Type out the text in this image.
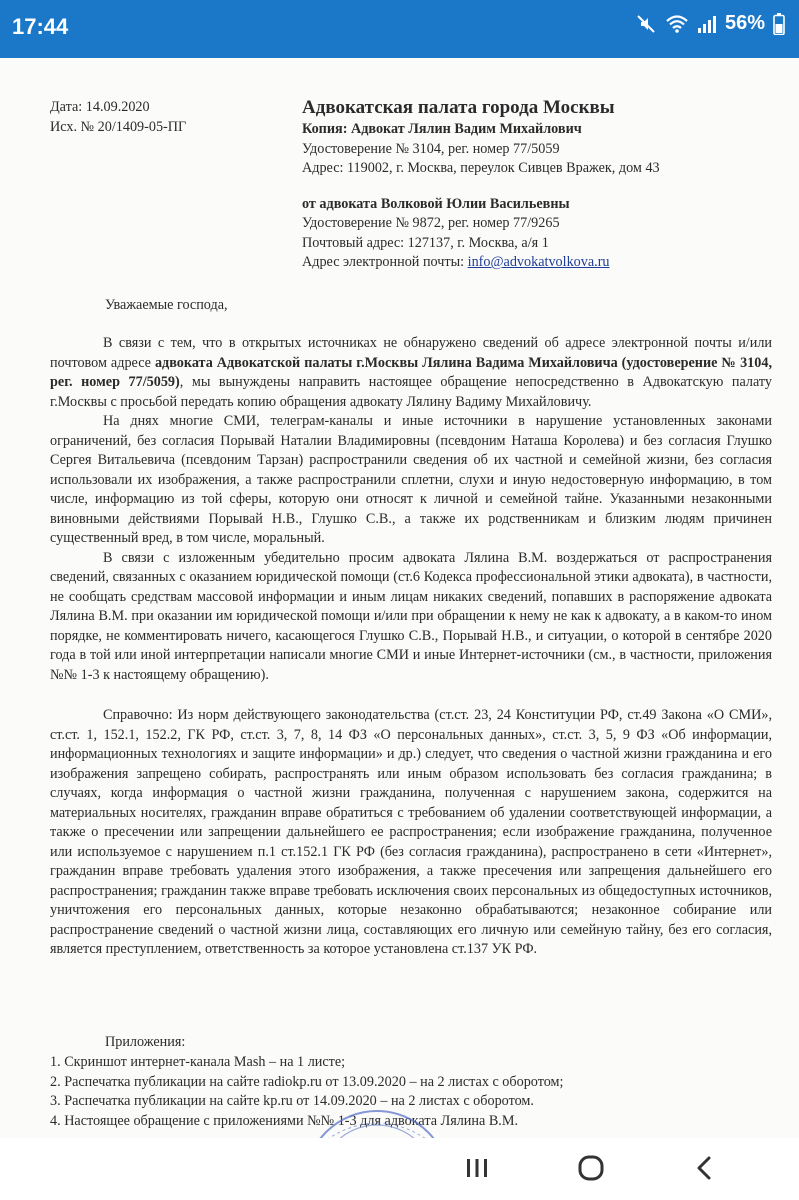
17:44	56%
Дата: 14.09.2020
Исх. № 20/1409-05-ПГ
Адвокатская палата города Москвы
Копия: Адвокат Лялин Вадим Михайлович
Удостоверение № 3104, рег. номер 77/5059
Адрес: 119002, г. Москва, переулок Сивцев Вражек, дом 43
от адвоката Волковой Юлии Васильевны
Удостоверение № 9872, рег. номер 77/9265
Почтовый адрес: 127137, г. Москва, а/я 1
Адрес электронной почты: info@advokatvolkova.ru
Уважаемые господа,

В связи с тем, что в открытых источниках не обнаружено сведений об адресе электронной почты и/или почтовом адресе адвоката Адвокатской палаты г.Москвы Лялина Вадима Михайловича (удостоверение № 3104, рег. номер 77/5059), мы вынуждены направить настоящее обращение непосредственно в Адвокатскую палату г.Москвы с просьбой передать копию обращения адвокату Лялину Вадиму Михайловичу.

На днях многие СМИ, телеграм-каналы и иные источники в нарушение установленных законами ограничений, без согласия Порывай Наталии Владимировны (псевдоним Наташа Королева) и без согласия Глушко Сергея Витальевича (псевдоним Тарзан) распространили сведения об их частной и семейной жизни, без согласия использовали их изображения, а также распространили сплетни, слухи и иную недостоверную информацию, в том числе, информацию из той сферы, которую они относят к личной и семейной тайне. Указанными незаконными виновными действиями Порывай Н.В., Глушко С.В., а также их родственникам и близким людям причинен существенный вред, в том числе, моральный.

В связи с изложенным убедительно просим адвоката Лялина В.М. воздержаться от распространения сведений, связанных с оказанием юридической помощи (ст.6 Кодекса профессиональной этики адвоката), в частности, не сообщать средствам массовой информации и иным лицам никаких сведений, попавших в распоряжение адвоката Лялина В.М. при оказании им юридической помощи и/или при обращении к нему не как к адвокату, а в каком-то ином порядке, не комментировать ничего, касающегося Глушко С.В., Порывай Н.В., и ситуации, о которой в сентябре 2020 года в той или иной интерпретации написали многие СМИ и иные Интернет-источники (см., в частности, приложения №№ 1-3 к настоящему обращению).

Справочно: Из норм действующего законодательства (ст.ст. 23, 24 Конституции РФ, ст.49 Закона «О СМИ», ст.ст. 1, 152.1, 152.2, ГК РФ, ст.ст. 3, 7, 8, 14 ФЗ «О персональных данных», ст.ст. 3, 5, 9 ФЗ «Об информации, информационных технологиях и защите информации» и др.) следует, что сведения о частной жизни гражданина и его изображения запрещено собирать, распространять или иным образом использовать без согласия гражданина; в случаях, когда информация о частной жизни гражданина, полученная с нарушением закона, содержится на материальных носителях, гражданин вправе обратиться с требованием об удалении соответствующей информации, а также о пресечении или запрещении дальнейшего ее распространения; если изображение гражданина, полученное или используемое с нарушением п.1 ст.152.1 ГК РФ (без согласия гражданина), распространено в сети «Интернет», гражданин вправе требовать удаления этого изображения, а также пресечения или запрещения дальнейшего его распространения; гражданин также вправе требовать исключения своих персональных из общедоступных источников, уничтожения его персональных данных, которые незаконно обрабатываются; незаконное собирание или распространение сведений о частной жизни лица, составляющих его личную или семейную тайну, без его согласия, является преступлением, ответственность за которое установлена ст.137 УК РФ.

Приложения:
1. Скриншот интернет-канала Mash – на 1 листе;
2. Распечатка публикации на сайте radiokp.ru от 13.09.2020 – на 2 листах с оборотом;
3. Распечатка публикации на сайте kp.ru от 14.09.2020 – на 2 листах с оборотом.
4. Настоящее обращение с приложениями №№ 1-3 для адвоката Лялина В.М.
